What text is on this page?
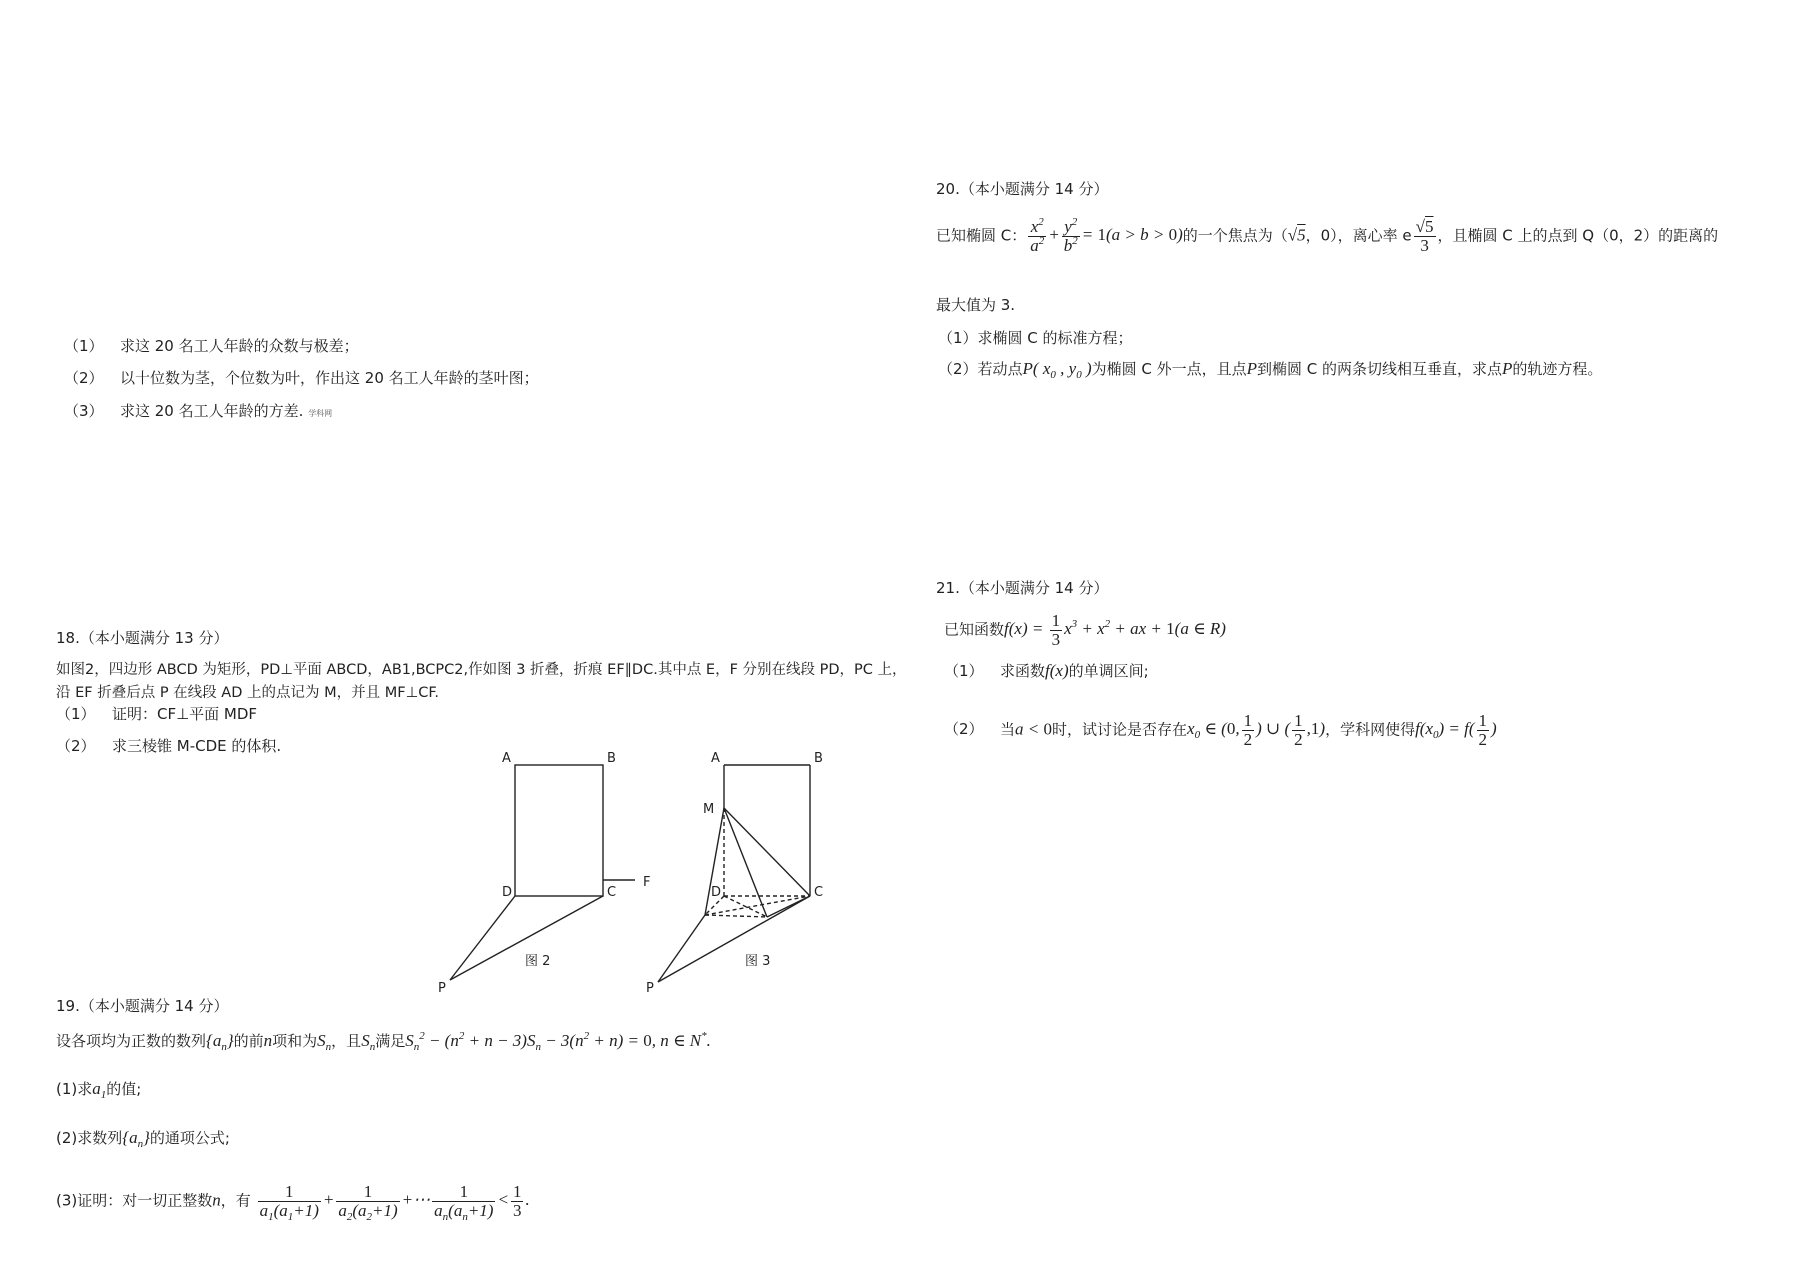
（1） 求这 20 名工人年龄的众数与极差；
（2） 以十位数为茎，个位数为叶，作出这 20 名工人年龄的茎叶图；
（3） 求这 20 名工人年龄的方差. 学科网
18.（本小题满分 13 分）
如图2，四边形 ABCD 为矩形，PD⊥平面 ABCD，AB1,BCPC2,作如图 3 折叠，折痕 EF∥DC.其中点 E，F 分别在线段 PD，PC 上，
沿 EF 折叠后点 P 在线段 AD 上的点记为 M，并且 MF⊥CF.
（1） 证明：CF⊥平面 MDF
（2） 求三棱锥 M-CDE 的体积.
A	B
D	C
F
P
图 2
A	B
M
D	C
P
图 3
19.（本小题满分 14 分）
设各项均为正数的数列$\{a_n\}$的前n项和为$S_n$，且$S_n$满足$S_n^2 - (n^2 + n - 3)S_n - 3(n^2 + n) = 0$, n ∈ N*.
(1)求$a_1$的值;
(2)求数列$\{a_n\}$的通项公式;
(3)证明：对一切正整数n，有 $\frac{1}{a_1(a_1+1)} + \frac{1}{a_2(a_2+1)}$ +⋯ $\frac{1}{a_n(a_n+1)} < \frac{1}{3}$ .
20.（本小题满分 14 分）
已知椭圆 C： $\frac{x^2}{a^2} + \frac{y^2}{b^2} = 1(a > b > 0)$的一个焦点为（√5，0），离心率 e $\frac{√5}{3}$ ，且椭圆 C 上的点到 Q（0，2）的距离的
最大值为 3.
（1）求椭圆 C 的标准方程；
（2）若动点P( $x_0$ , $y_0$ )为椭圆 C 外一点，且点P到椭圆 C 的两条切线相互垂直，求点P的轨迹方程。
21.（本小题满分 14 分）
已知函数$f(x) = \frac{1}{3} x^3 + x^2$ + ax + 1(a ∈ R)
（1） 求函数f(x)的单调区间;
（2） 当a < 0时，试讨论是否存在$x_0$ ∈ (0, $\frac{1}{2}$ ) ∪ ( $\frac{1}{2} ,1$)，学科网使得$f(x_0) = f( \frac{1}{2}$ )
